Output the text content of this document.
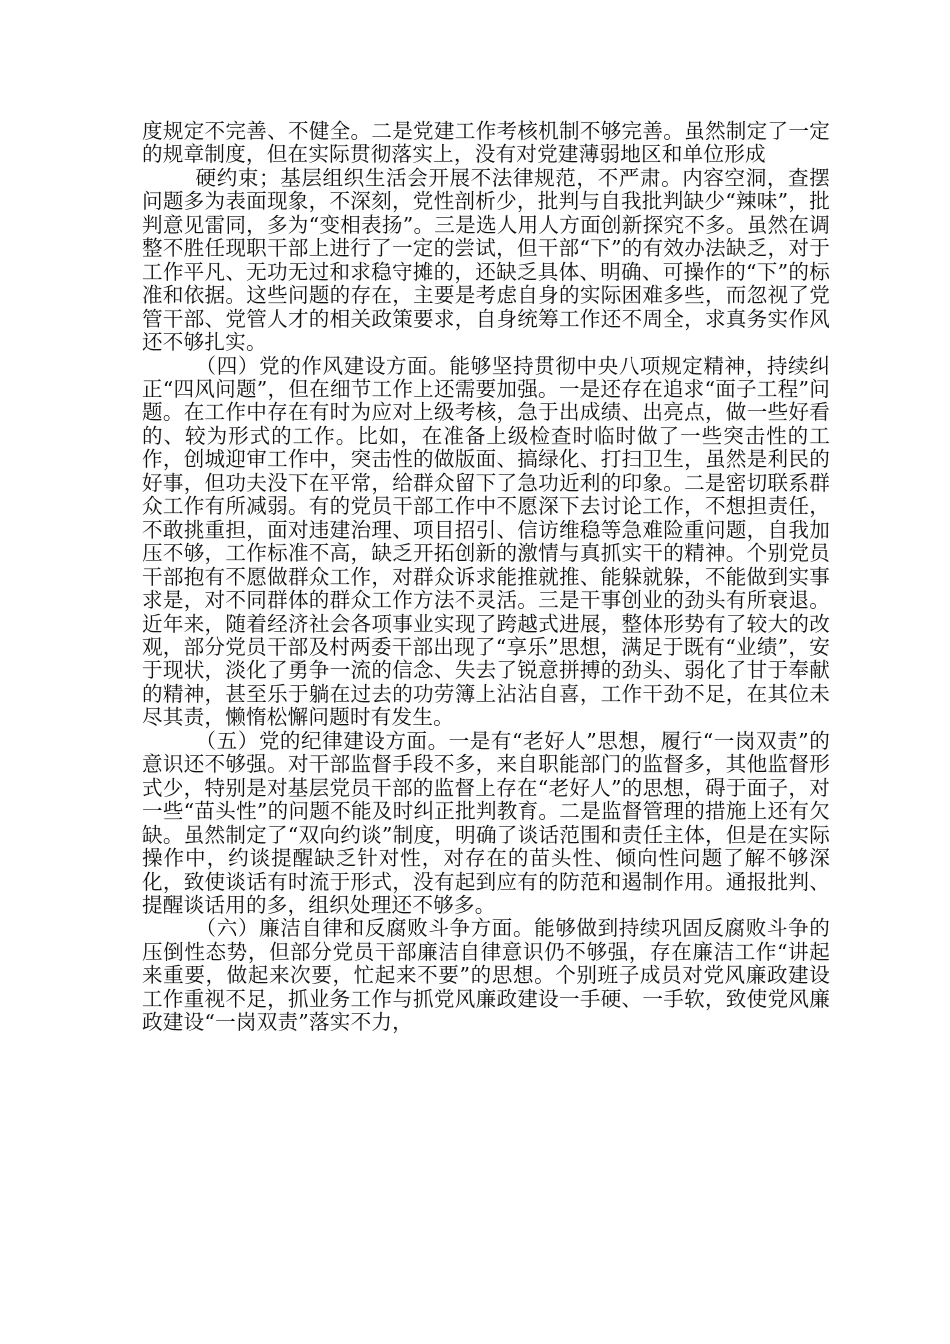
度规定不完善、不健全。二是党建工作考核机制不够完善。虽然制定了一定的规章制度，但在实际贯彻落实上，没有对党建薄弱地区和单位形成

硬约束；基层组织生活会开展不法律规范，不严肃。内容空洞，查摆问题多为表面现象，不深刻，党性剖析少，批判与自我批判缺少“辣味”，批判意见雷同，多为“变相表扬”。三是选人用人方面创新探究不多。虽然在调整不胜任现职干部上进行了一定的尝试，但干部“下”的有效办法缺乏，对于工作平凡、无功无过和求稳守摊的，还缺乏具体、明确、可操作的“下”的标准和依据。这些问题的存在，主要是考虑自身的实际困难多些，而忽视了党管干部、党管人才的相关政策要求，自身统筹工作还不周全，求真务实作风还不够扎实。

（四）党的作风建设方面。能够坚持贯彻中央八项规定精神，持续纠正“四风问题”，但在细节工作上还需要加强。一是还存在追求“面子工程”问题。在工作中存在有时为应对上级考核，急于出成绩、出亮点，做一些好看的、较为形式的工作。比如，在准备上级检查时临时做了一些突击性的工作，创城迎审工作中，突击性的做版面、搞绿化、打扫卫生，虽然是利民的好事，但功夫没下在平常，给群众留下了急功近利的印象。二是密切联系群众工作有所减弱。有的党员干部工作中不愿深下去讨论工作，不想担责任，不敢挑重担，面对违建治理、项目招引、信访维稳等急难险重问题，自我加压不够，工作标准不高，缺乏开拓创新的激情与真抓实干的精神。个别党员干部抱有不愿做群众工作，对群众诉求能推就推、能躲就躲，不能做到实事求是，对不同群体的群众工作方法不灵活。三是干事创业的劲头有所衰退。近年来，随着经济社会各项事业实现了跨越式进展，整体形势有了较大的改观，部分党员干部及村两委干部出现了“享乐”思想，满足于既有“业绩”，安于现状，淡化了勇争一流的信念、失去了锐意拼搏的劲头、弱化了甘于奉献的精神，甚至乐于躺在过去的功劳簿上沾沾自喜，工作干劲不足，在其位未尽其责，懒惰松懈问题时有发生。

（五）党的纪律建设方面。一是有“老好人”思想，履行“一岗双责”的意识还不够强。对干部监督手段不多，来自职能部门的监督多，其他监督形式少，特别是对基层党员干部的监督上存在“老好人”的思想，碍于面子，对一些“苗头性”的问题不能及时纠正批判教育。二是监督管理的措施上还有欠缺。虽然制定了“双向约谈”制度，明确了谈话范围和责任主体，但是在实际操作中，约谈提醒缺乏针对性，对存在的苗头性、倾向性问题了解不够深化，致使谈话有时流于形式，没有起到应有的防范和遏制作用。通报批判、提醒谈话用的多，组织处理还不够多。

（六）廉洁自律和反腐败斗争方面。能够做到持续巩固反腐败斗争的压倒性态势，但部分党员干部廉洁自律意识仍不够强，存在廉洁工作“讲起来重要，做起来次要，忙起来不要”的思想。个别班子成员对党风廉政建设工作重视不足，抓业务工作与抓党风廉政建设一手硬、一手软，致使党风廉政建设“一岗双责”落实不力，
